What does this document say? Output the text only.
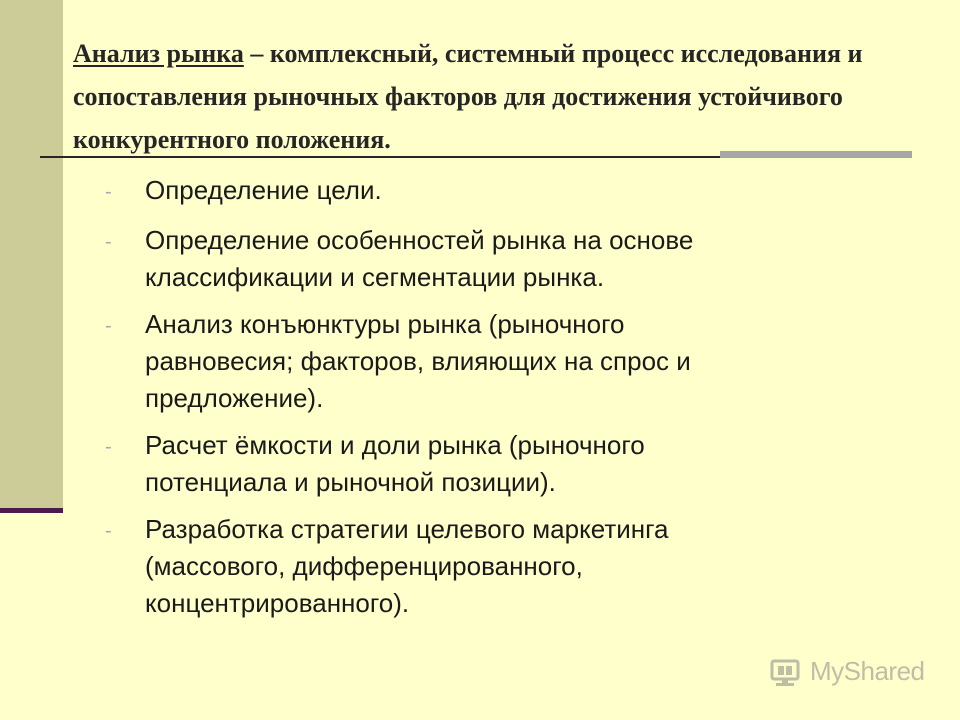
Анализ рынка – комплексный, системный процесс исследования и сопоставления рыночных факторов для достижения устойчивого конкурентного положения.
-	Определение цели.
-	Определение особенностей рынка на основе
классификации и сегментации рынка.
-	Анализ конъюнктуры рынка (рыночного
равновесия; факторов, влияющих на спрос и
предложение).
-	Расчет ёмкости и доли рынка (рыночного
потенциала и рыночной позиции).
-	Разработка стратегии целевого маркетинга
(массового, дифференцированного,
концентрированного).
MyShared
